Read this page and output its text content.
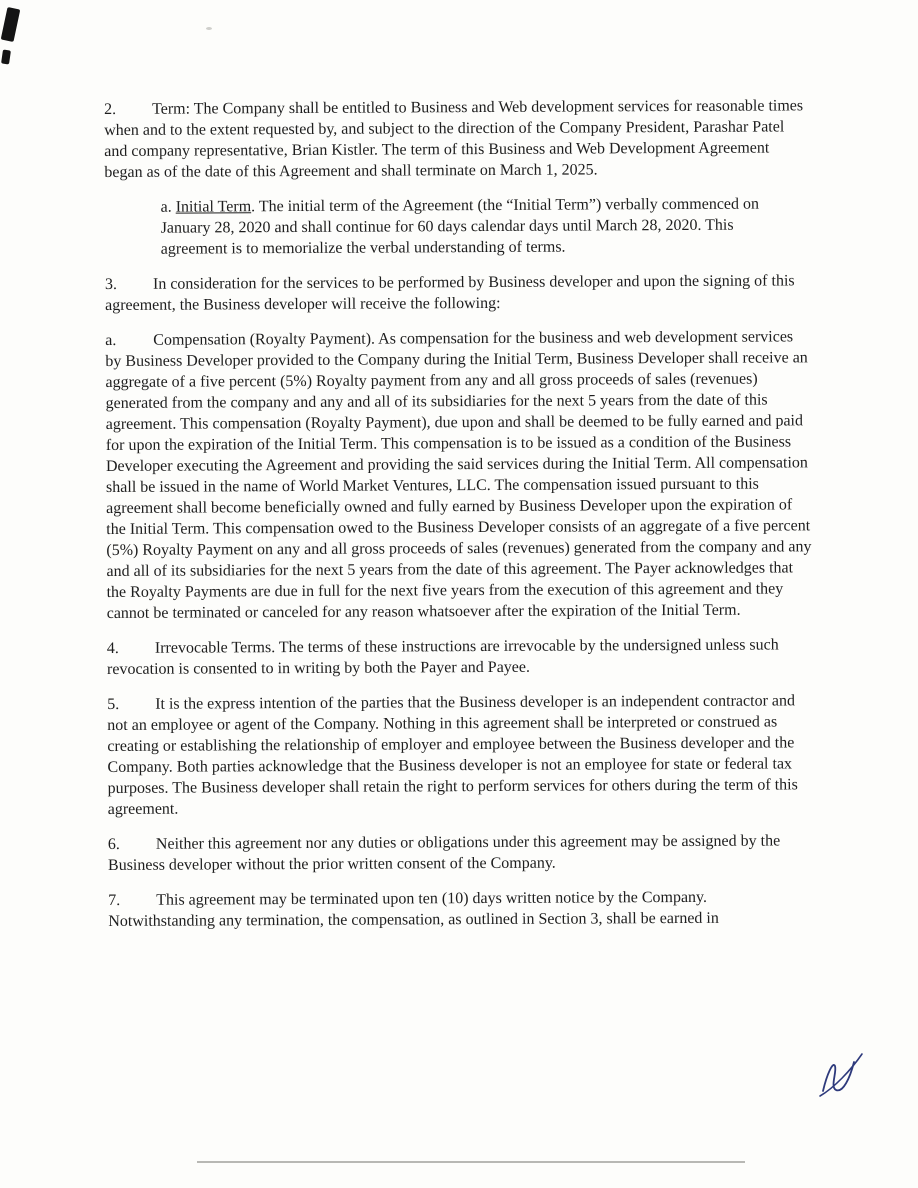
2. Term: The Company shall be entitled to Business and Web development services for reasonable times when and to the extent requested by, and subject to the direction of the Company President, Parashar Patel and company representative, Brian Kistler. The term of this Business and Web Development Agreement began as of the date of this Agreement and shall terminate on March 1, 2025.

a. Initial Term. The initial term of the Agreement (the “Initial Term”) verbally commenced on January 28, 2020 and shall continue for 60 days calendar days until March 28, 2020. This agreement is to memorialize the verbal understanding of terms.

3. In consideration for the services to be performed by Business developer and upon the signing of this agreement, the Business developer will receive the following:

a. Compensation (Royalty Payment). As compensation for the business and web development services by Business Developer provided to the Company during the Initial Term, Business Developer shall receive an aggregate of a five percent (5%) Royalty payment from any and all gross proceeds of sales (revenues) generated from the company and any and all of its subsidiaries for the next 5 years from the date of this agreement. This compensation (Royalty Payment), due upon and shall be deemed to be fully earned and paid for upon the expiration of the Initial Term. This compensation is to be issued as a condition of the Business Developer executing the Agreement and providing the said services during the Initial Term. All compensation shall be issued in the name of World Market Ventures, LLC. The compensation issued pursuant to this agreement shall become beneficially owned and fully earned by Business Developer upon the expiration of the Initial Term. This compensation owed to the Business Developer consists of an aggregate of a five percent (5%) Royalty Payment on any and all gross proceeds of sales (revenues) generated from the company and any and all of its subsidiaries for the next 5 years from the date of this agreement. The Payer acknowledges that the Royalty Payments are due in full for the next five years from the execution of this agreement and they cannot be terminated or canceled for any reason whatsoever after the expiration of the Initial Term.

4. Irrevocable Terms. The terms of these instructions are irrevocable by the undersigned unless such revocation is consented to in writing by both the Payer and Payee.

5. It is the express intention of the parties that the Business developer is an independent contractor and not an employee or agent of the Company. Nothing in this agreement shall be interpreted or construed as creating or establishing the relationship of employer and employee between the Business developer and the Company. Both parties acknowledge that the Business developer is not an employee for state or federal tax purposes. The Business developer shall retain the right to perform services for others during the term of this agreement.

6. Neither this agreement nor any duties or obligations under this agreement may be assigned by the Business developer without the prior written consent of the Company.

7. This agreement may be terminated upon ten (10) days written notice by the Company. Notwithstanding any termination, the compensation, as outlined in Section 3, shall be earned in
